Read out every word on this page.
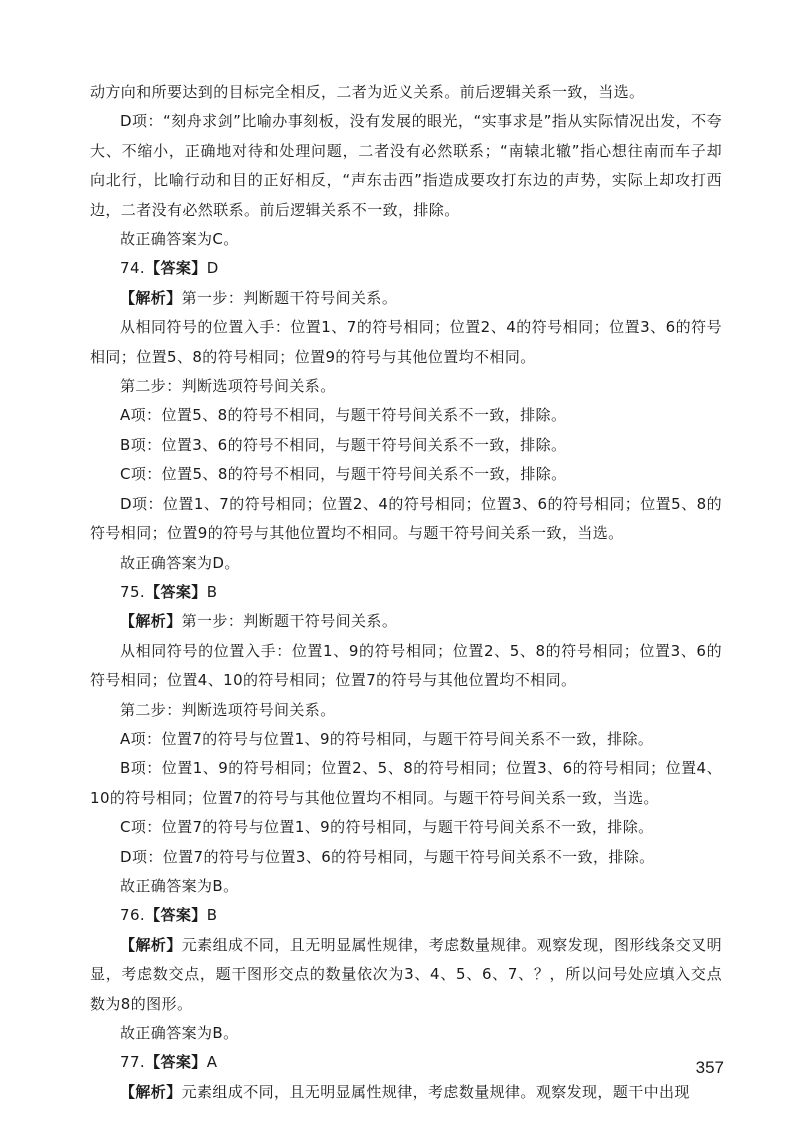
动方向和所要达到的目标完全相反，二者为近义关系。前后逻辑关系一致，当选。

D项：“刻舟求剑”比喻办事刻板，没有发展的眼光，“实事求是”指从实际情况出发，不夸大、不缩小，正确地对待和处理问题，二者没有必然联系；“南辕北辙”指心想往南而车子却向北行，比喻行动和目的正好相反，“声东击西”指造成要攻打东边的声势，实际上却攻打西边，二者没有必然联系。前后逻辑关系不一致，排除。

故正确答案为C。

74.【答案】D

【解析】第一步：判断题干符号间关系。

从相同符号的位置入手：位置1、7的符号相同；位置2、4的符号相同；位置3、6的符号相同；位置5、8的符号相同；位置9的符号与其他位置均不相同。

第二步：判断选项符号间关系。

A项：位置5、8的符号不相同，与题干符号间关系不一致，排除。

B项：位置3、6的符号不相同，与题干符号间关系不一致，排除。

C项：位置5、8的符号不相同，与题干符号间关系不一致，排除。

D项：位置1、7的符号相同；位置2、4的符号相同；位置3、6的符号相同；位置5、8的符号相同；位置9的符号与其他位置均不相同。与题干符号间关系一致，当选。

故正确答案为D。

75.【答案】B

【解析】第一步：判断题干符号间关系。

从相同符号的位置入手：位置1、9的符号相同；位置2、5、8的符号相同；位置3、6的符号相同；位置4、10的符号相同；位置7的符号与其他位置均不相同。

第二步：判断选项符号间关系。

A项：位置7的符号与位置1、9的符号相同，与题干符号间关系不一致，排除。

B项：位置1、9的符号相同；位置2、5、8的符号相同；位置3、6的符号相同；位置4、10的符号相同；位置7的符号与其他位置均不相同。与题干符号间关系一致，当选。

C项：位置7的符号与位置1、9的符号相同，与题干符号间关系不一致，排除。

D项：位置7的符号与位置3、6的符号相同，与题干符号间关系不一致，排除。

故正确答案为B。

76.【答案】B

【解析】元素组成不同，且无明显属性规律，考虑数量规律。观察发现，图形线条交叉明显，考虑数交点，题干图形交点的数量依次为3、4、5、6、7、？，所以问号处应填入交点数为8的图形。

故正确答案为B。

77.【答案】A

【解析】元素组成不同，且无明显属性规律，考虑数量规律。观察发现，题干中出现

357
